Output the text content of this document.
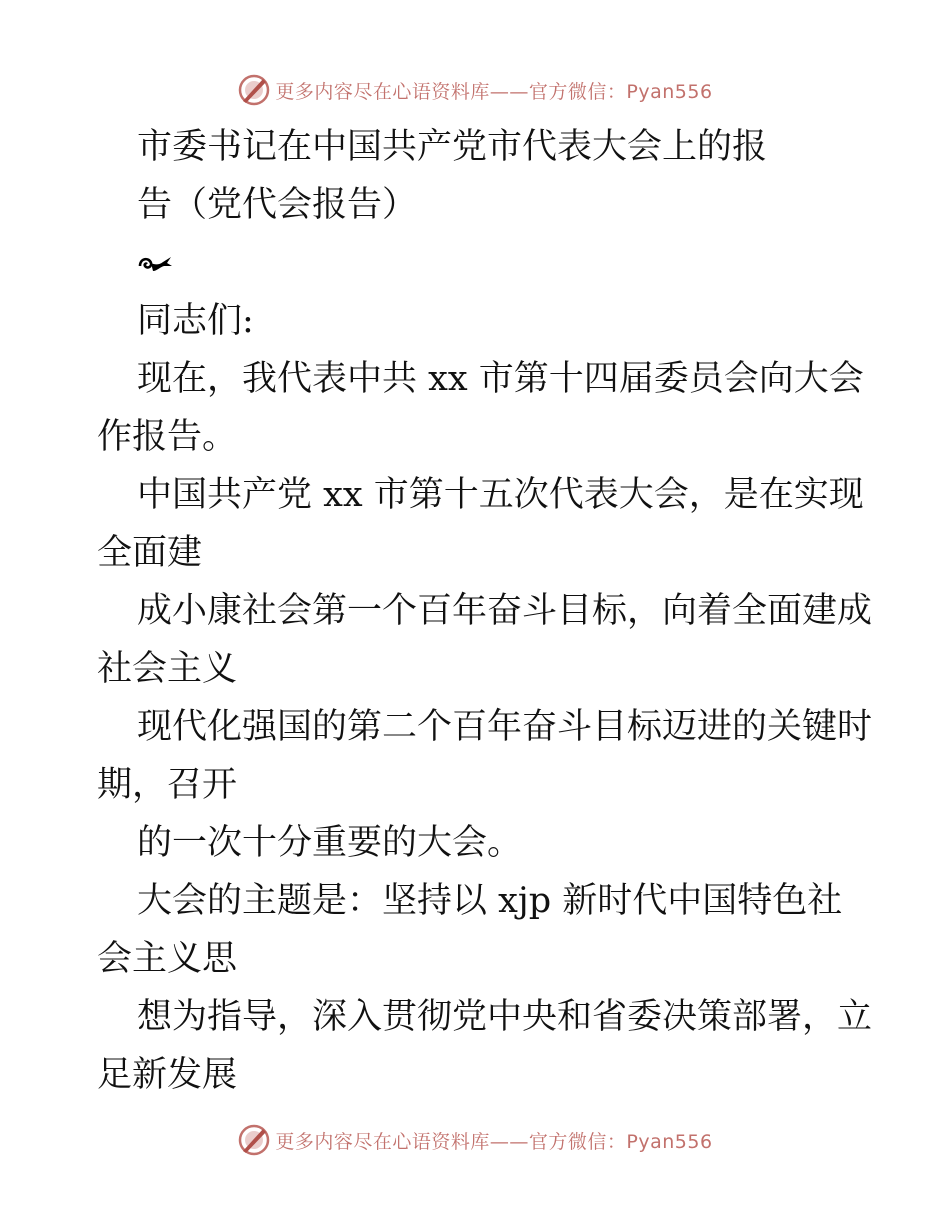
更多内容尽在心语资料库——官方微信：Pyan556
市委书记在中国共产党市代表大会上的报
告（党代会报告）
同志们:
现在，我代表中共 xx 市第十四届委员会向大会
作报告。
中国共产党 xx 市第十五次代表大会，是在实现
全面建
成小康社会第一个百年奋斗目标，向着全面建成
社会主义
现代化强国的第二个百年奋斗目标迈进的关键时
期，召开
的一次十分重要的大会。
大会的主题是：坚持以 xjp 新时代中国特色社
会主义思
想为指导，深入贯彻党中央和省委决策部署，立
足新发展
更多内容尽在心语资料库——官方微信：Pyan556
